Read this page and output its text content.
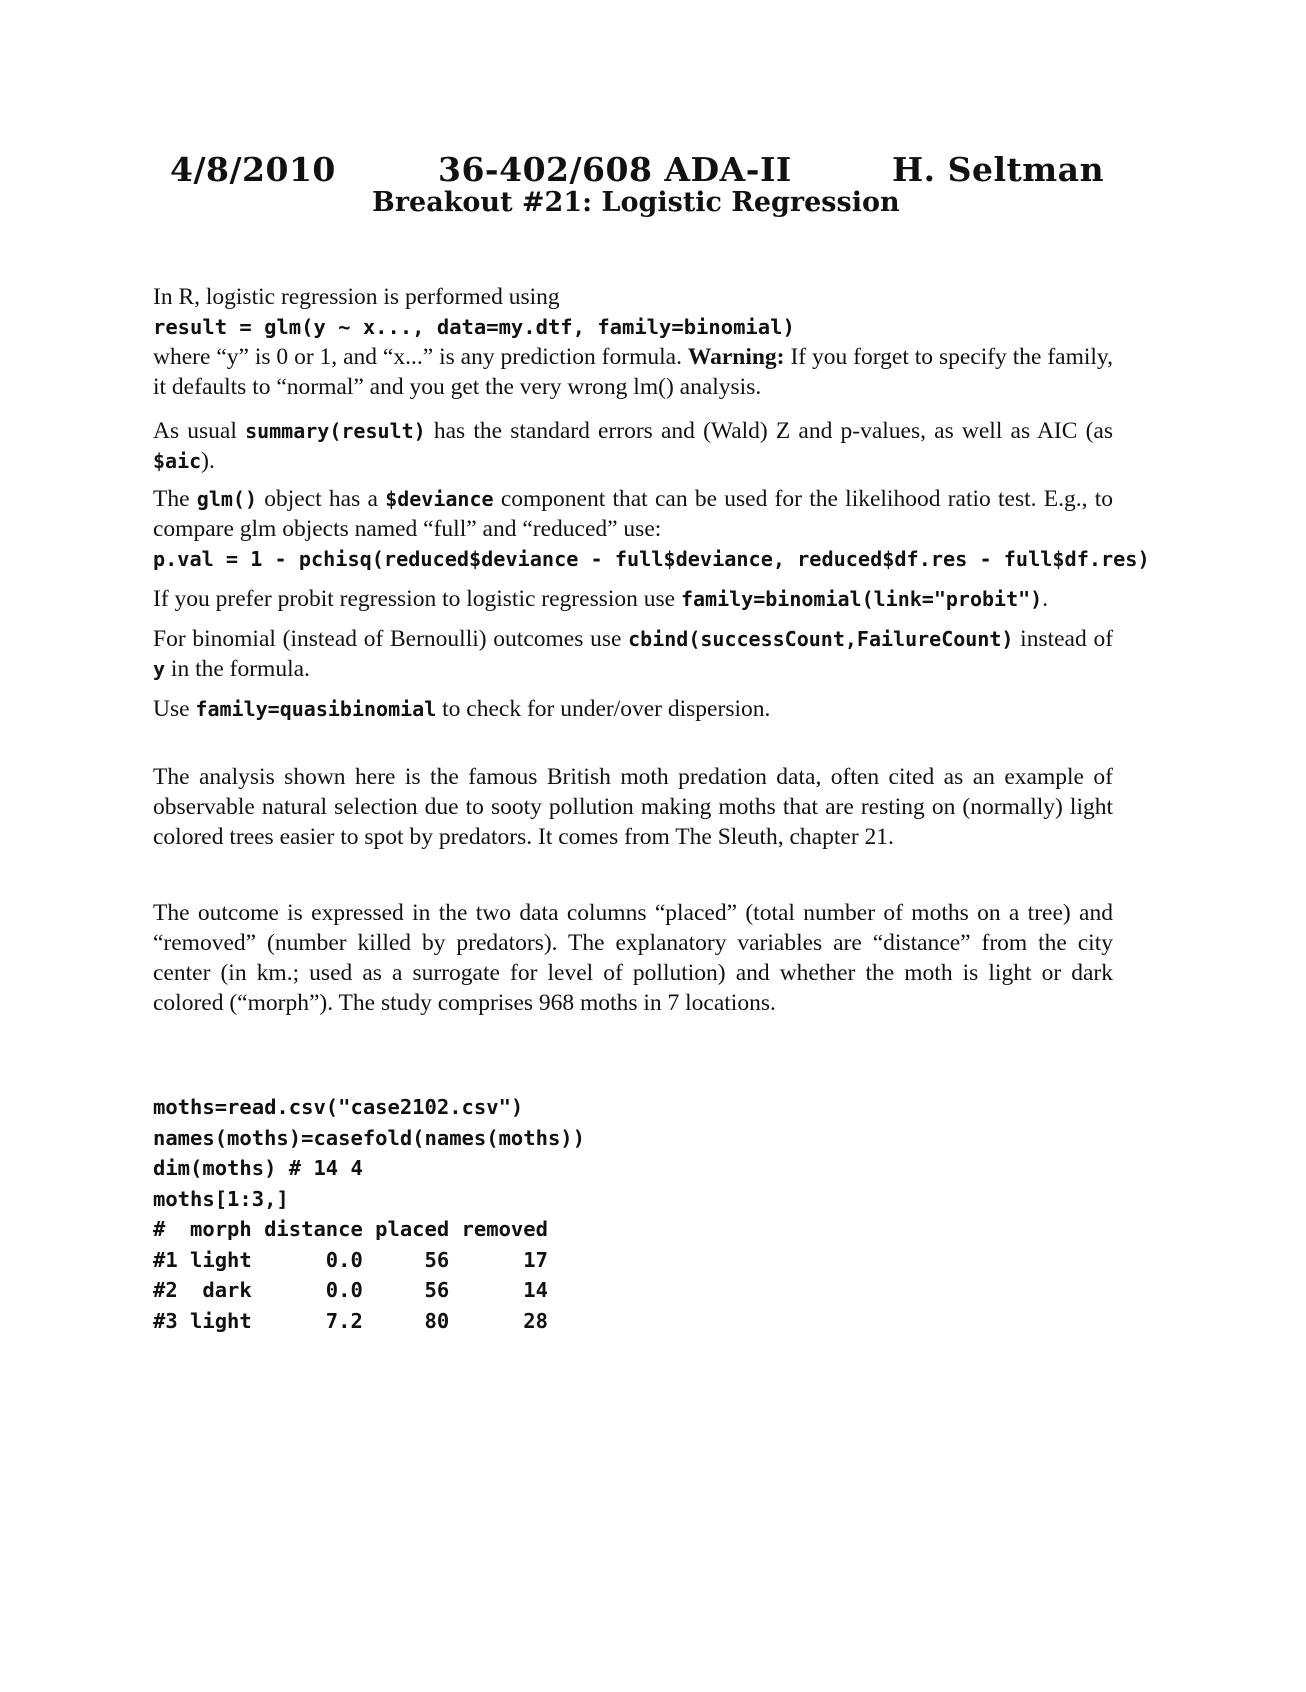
4/8/2010	36-402/608 ADA-II	H. Seltman
Breakout #21: Logistic Regression

In R, logistic regression is performed using

result = glm(y ~ x..., data=my.dtf, family=binomial)

where “y” is 0 or 1, and “x...” is any prediction formula. Warning: If you forget to specify the family, it defaults to “normal” and you get the very wrong lm() analysis.

As usual summary(result) has the standard errors and (Wald) Z and p-values, as well as AIC (as $aic).
The glm() object has a $deviance component that can be used for the likelihood ratio test. E.g., to compare glm objects named “full” and “reduced” use:
p.val = 1 - pchisq(reduced$deviance - full$deviance, reduced$df.res - full$df.res)
If you prefer probit regression to logistic regression use family=binomial(link="probit").
For binomial (instead of Bernoulli) outcomes use cbind(successCount,FailureCount) instead of y in the formula.
Use family=quasibinomial to check for under/over dispersion.
The analysis shown here is the famous British moth predation data, often cited as an example of observable natural selection due to sooty pollution making moths that are resting on (normally) light colored trees easier to spot by predators. It comes from The Sleuth, chapter 21.
The outcome is expressed in the two data columns “placed” (total number of moths on a tree) and “removed” (number killed by predators). The explanatory variables are “distance” from the city center (in km.; used as a surrogate for level of pollution) and whether the moth is light or dark colored (“morph”). The study comprises 968 moths in 7 locations.

moths=read.csv("case2102.csv")

names(moths)=casefold(names(moths))

dim(moths) # 14 4

moths[1:3,]

#  morph distance placed removed

#1 light      0.0     56      17

#2  dark      0.0     56      14

#3 light      7.2     80      28
